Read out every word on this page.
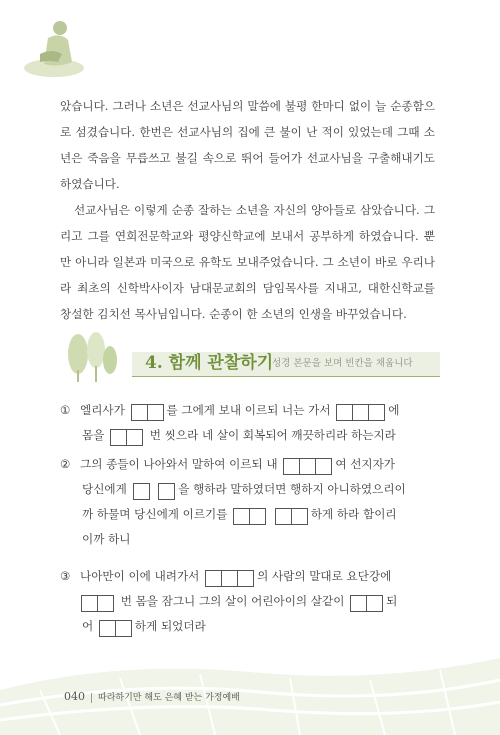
았습니다. 그러나 소년은 선교사님의 말씀에 불평 한마디 없이 늘 순종함으로 섬겼습니다. 한번은 선교사님의 집에 큰 불이 난 적이 있었는데 그때 소년은 죽음을 무릅쓰고 불길 속으로 뛰어 들어가 선교사님을 구출해내기도 하였습니다.

선교사님은 이렇게 순종 잘하는 소년을 자신의 양아들로 삼았습니다. 그리고 그를 연희전문학교와 평양신학교에 보내서 공부하게 하였습니다. 뿐만 아니라 일본과 미국으로 유학도 보내주었습니다. 그 소년이 바로 우리나라 최초의 신학박사이자 남대문교회의 담임목사를 지내고, 대한신학교를 창설한 김치선 목사님입니다. 순종이 한 소년의 인생을 바꾸었습니다.

4. 함께 관찰하기
성경 본문을 보며 빈칸을 채웁니다
① 엘리사가	를 그에게 보내 이르되 너는 가서	에
몸을	번 씻으라 네 살이 회복되어 깨끗하리라 하는지라
② 그의 종들이 나아와서 말하여 이르되 내	여 선지자가
당신에게	을 행하라 말하였더면 행하지 아니하였으리이
까 하물며 당신에게 이르기를	하게 하라 함이리
이까 하니
③ 나아만이 이에 내려가서	의 사람의 말대로 요단강에
번 몸을 잠그니 그의 살이 어린아이의 살같이	되
어	하게 되었더라
040 따라하기만 해도 은혜 받는 가정예배
